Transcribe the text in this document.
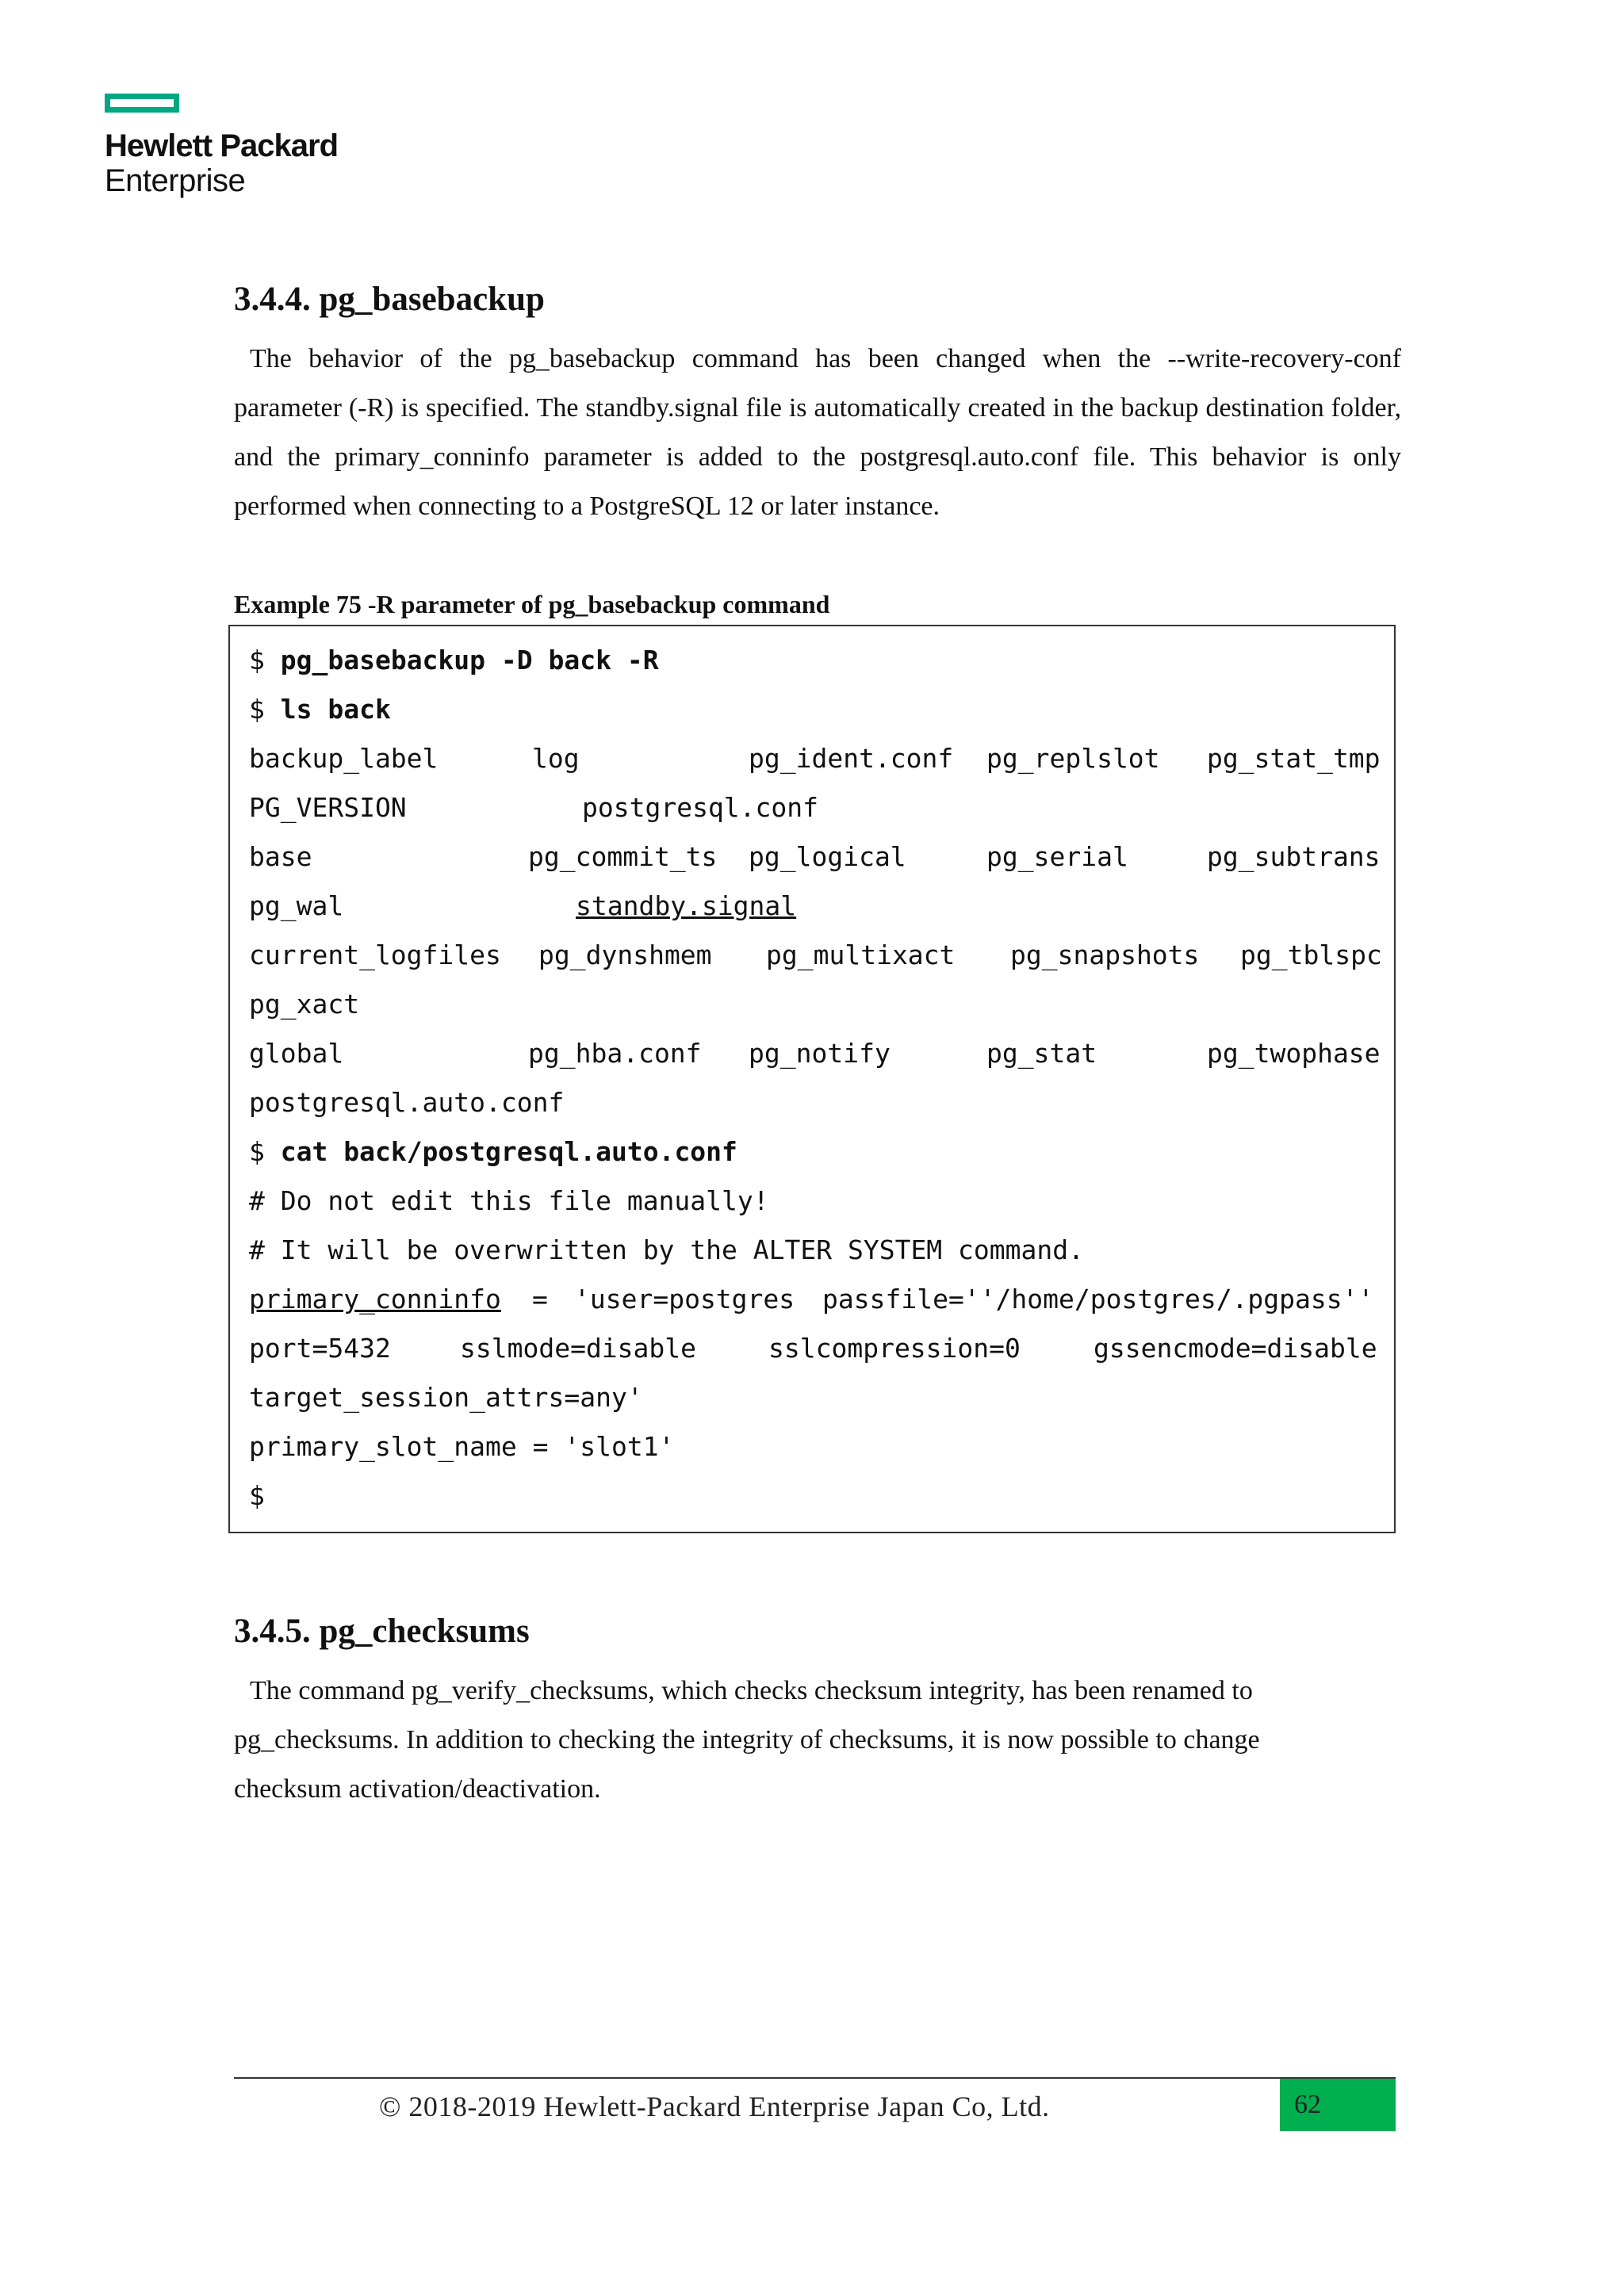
Hewlett Packard
Enterprise
3.4.4. pg_basebackup

The behavior of the pg_basebackup command has been changed when the --write-recovery-conf parameter (-R) is specified. The standby.signal file is automatically created in the backup destination folder, and the primary_conninfo parameter is added to the postgresql.auto.conf file. This behavior is only performed when connecting to a PostgreSQL 12 or later instance.

Example 75 -R parameter of pg_basebackup command

$ pg_basebackup -D back -R
$ ls back

backup_label

	log

	pg_ident.conf

pg_replslot

pg_stat_tmp

PG_VERSION

	postgresql.conf

base

	pg_commit_ts

pg_logical

	pg_serial

	pg_subtrans

pg_wal

	standby.signal

current_logfiles

pg_dynshmem

pg_multixact

pg_snapshots

pg_tblspc

pg_xact

global

	pg_hba.conf

pg_notify

	pg_stat

	pg_twophase

postgresql.auto.conf

$ cat back/postgresql.auto.conf
# Do not edit this file manually!
# It will be overwritten by the ALTER SYSTEM command.

primary_conninfo

=

'user=postgres

passfile=''/home/postgres/.pgpass''

port=5432

	sslmode=disable

	sslcompression=0

	gssencmode=disable

target_session_attrs=any'
primary_slot_name = 'slot1'
$
3.4.5. pg_checksums

The command pg_verify_checksums, which checks checksum integrity, has been renamed to pg_checksums. In addition to checking the integrity of checksums, it is now possible to change checksum activation/deactivation.

© 2018-2019 Hewlett-Packard Enterprise Japan Co, Ltd.	62
